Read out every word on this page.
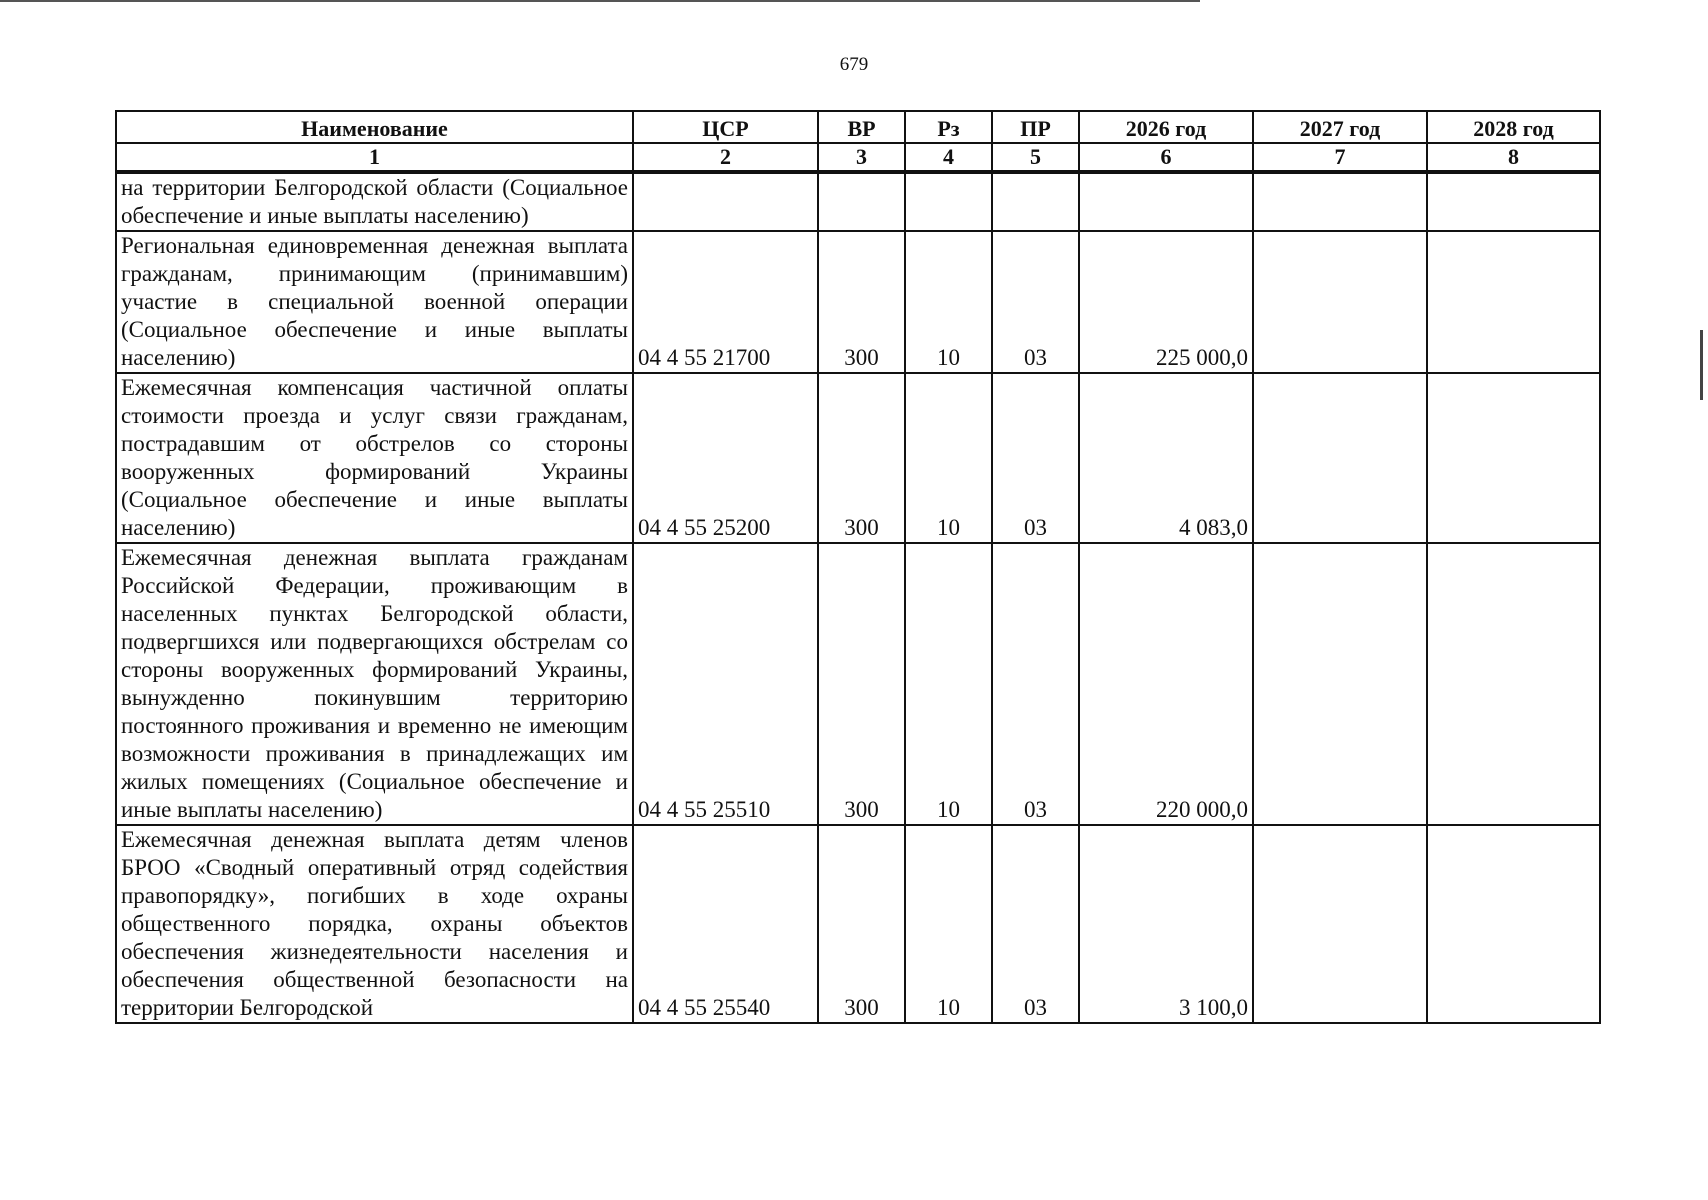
679
Наименование	ЦСР	ВР	Рз	ПР	2026 год	2027 год	2028 год
1	2	3	4	5	6	7	8
на территории Белгородской области (Социальное обеспечение и иные выплаты населению)							
Региональная единовременная денежная выплата гражданам, принимающим (принимавшим) участие в специальной военной операции (Социальное обеспечение и иные выплаты населению)	04 4 55 21700	300	10	03	225 000,0		
Ежемесячная компенсация частичной оплаты стоимости проезда и услуг связи гражданам, пострадавшим от обстрелов со стороны вооруженных формирований Украины (Социальное обеспечение и иные выплаты населению)	04 4 55 25200	300	10	03	4 083,0		
Ежемесячная денежная выплата гражданам Российской Федерации, проживающим в населенных пунктах Белгородской области, подвергшихся или подвергающихся обстрелам со стороны вооруженных формирований Украины, вынужденно покинувшим территорию постоянного проживания и временно не имеющим возможности проживания в принадлежащих им жилых помещениях (Социальное обеспечение и иные выплаты населению)	04 4 55 25510	300	10	03	220 000,0		
Ежемесячная денежная выплата детям членов БРОО «Сводный оперативный отряд содействия правопорядку», погибших в ходе охраны общественного порядка, охраны объектов обеспечения жизнедеятельности населения и обеспечения общественной безопасности на территории Белгородской	04 4 55 25540	300	10	03	3 100,0		
